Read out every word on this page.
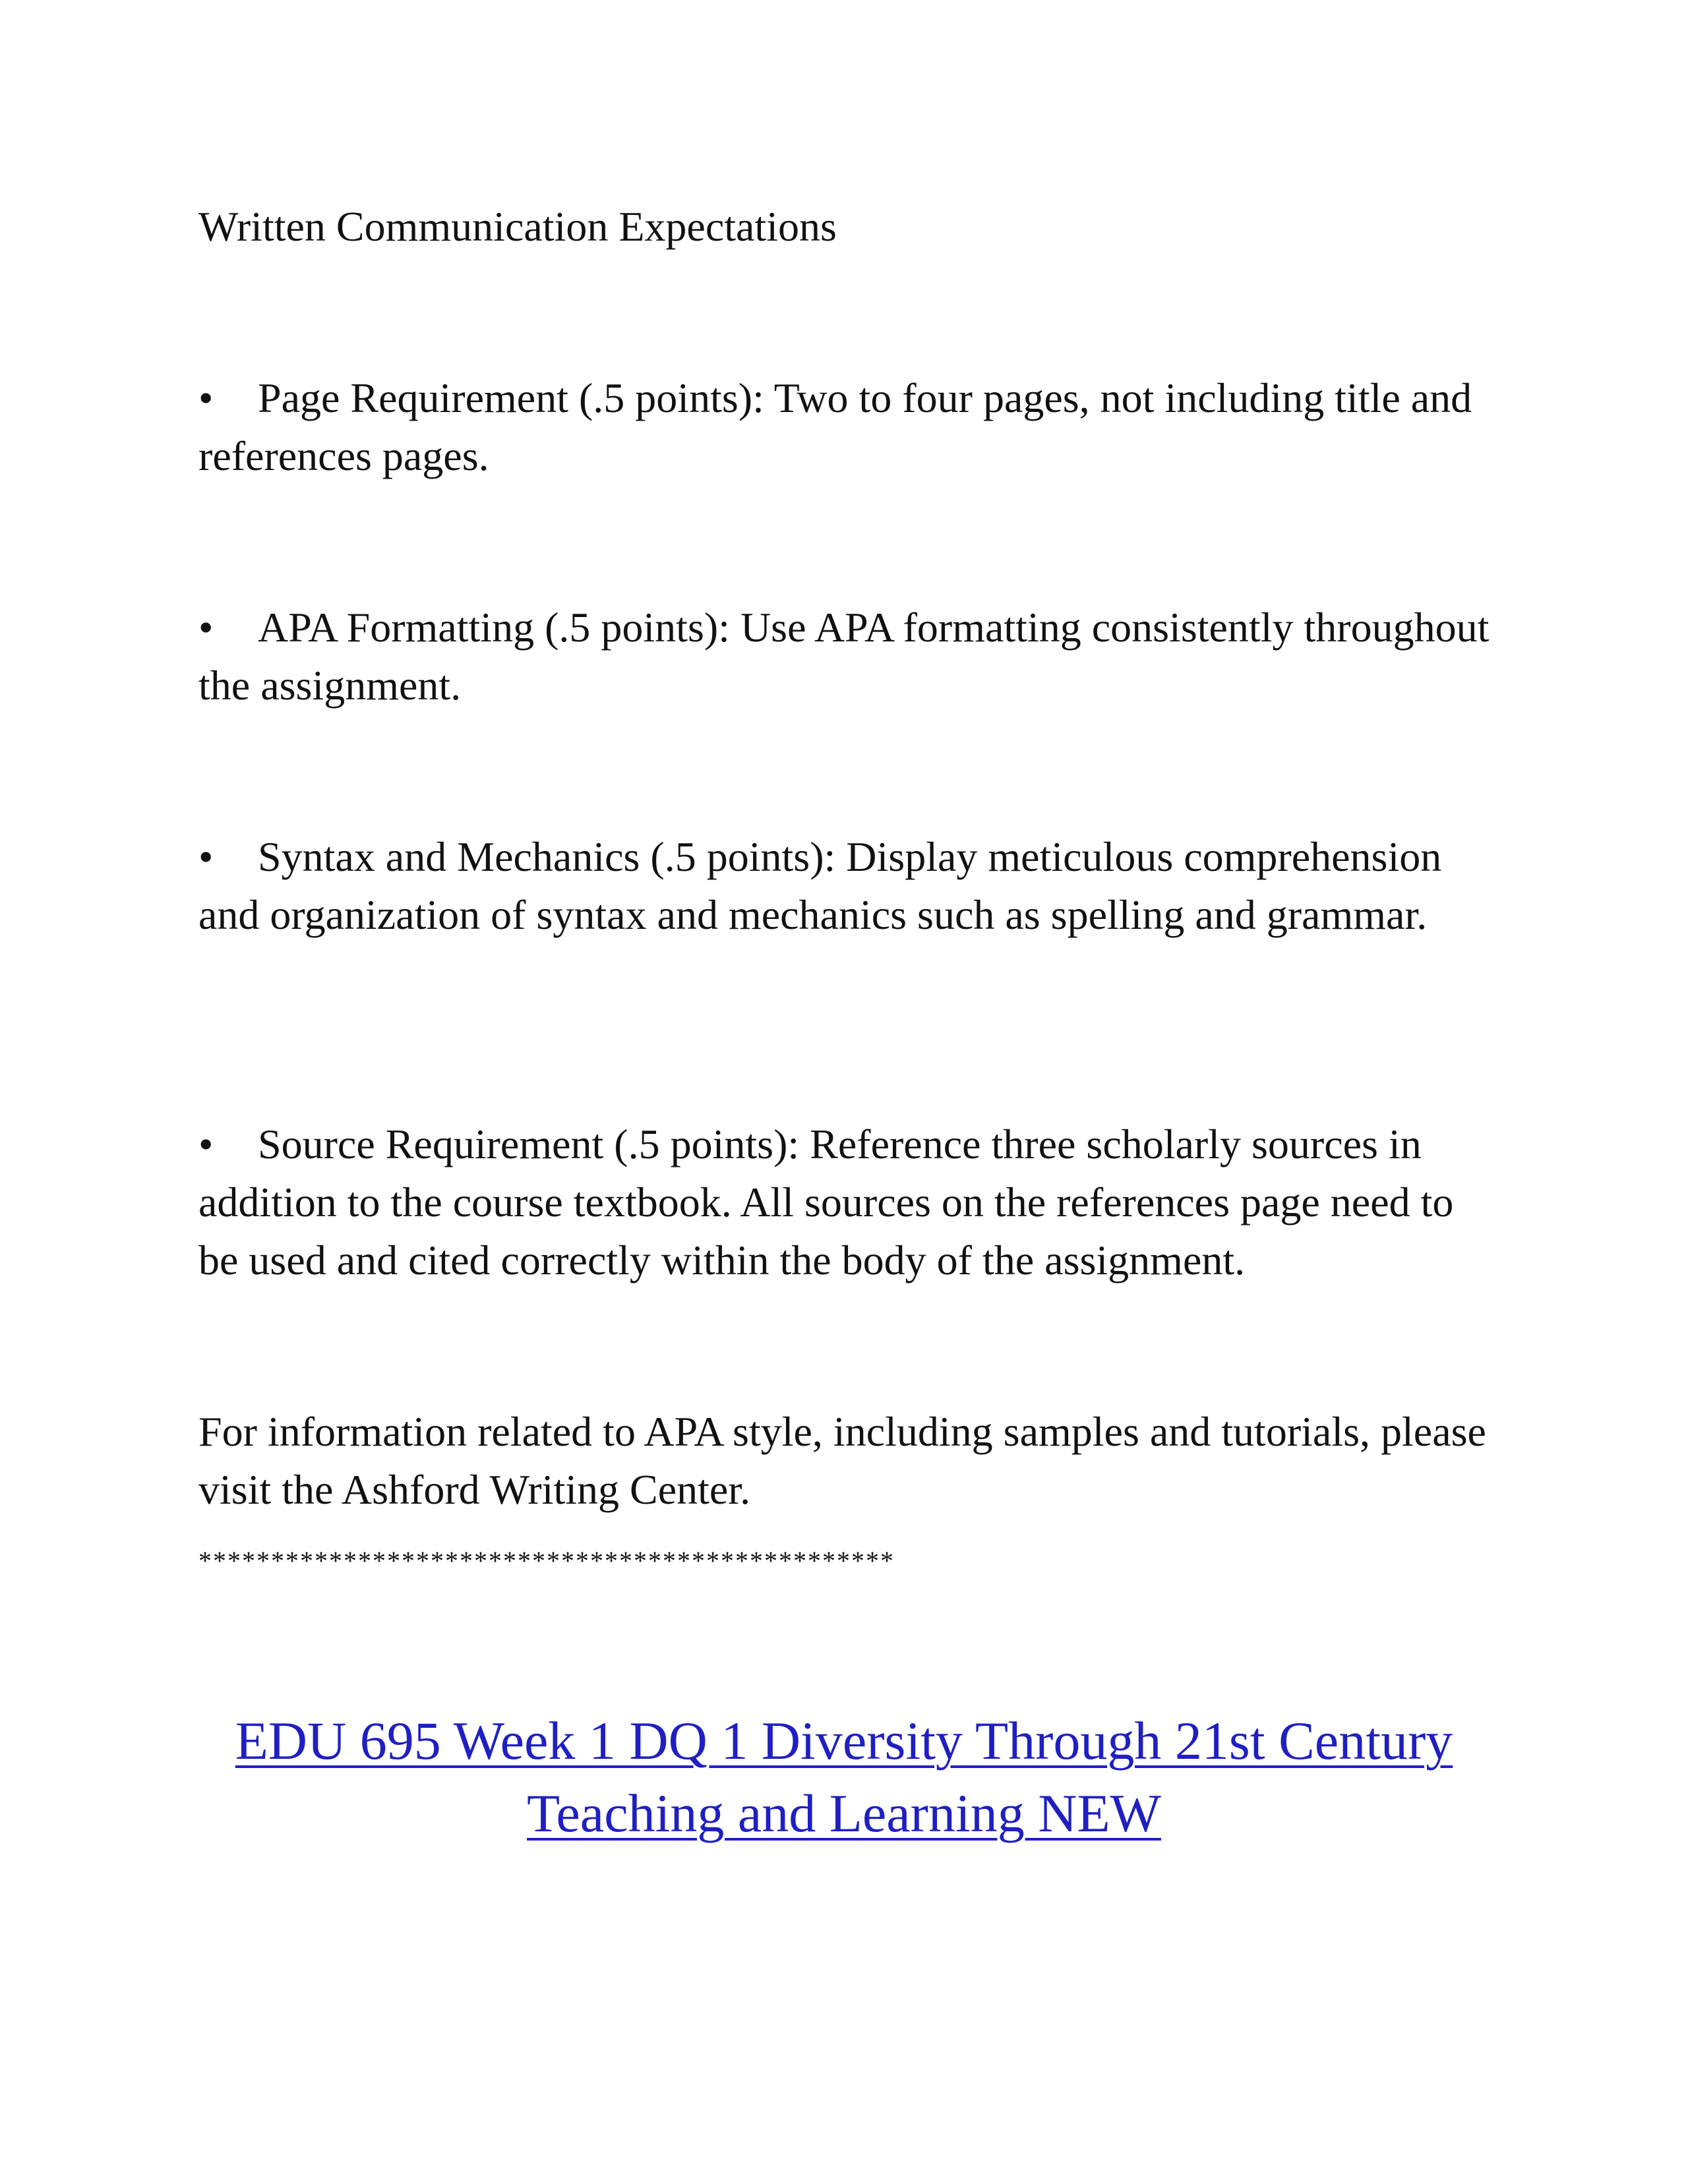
Written Communication Expectations
• Page Requirement (.5 points): Two to four pages, not including title and references pages.
• APA Formatting (.5 points): Use APA formatting consistently throughout the assignment.
• Syntax and Mechanics (.5 points): Display meticulous comprehension and organization of syntax and mechanics such as spelling and grammar.
• Source Requirement (.5 points): Reference three scholarly sources in addition to the course textbook. All sources on the references page need to be used and cited correctly within the body of the assignment.
For information related to APA style, including samples and tutorials, please visit the Ashford Writing Center.
************************************************
EDU 695 Week 1 DQ 1 Diversity Through 21st Century Teaching and Learning NEW
